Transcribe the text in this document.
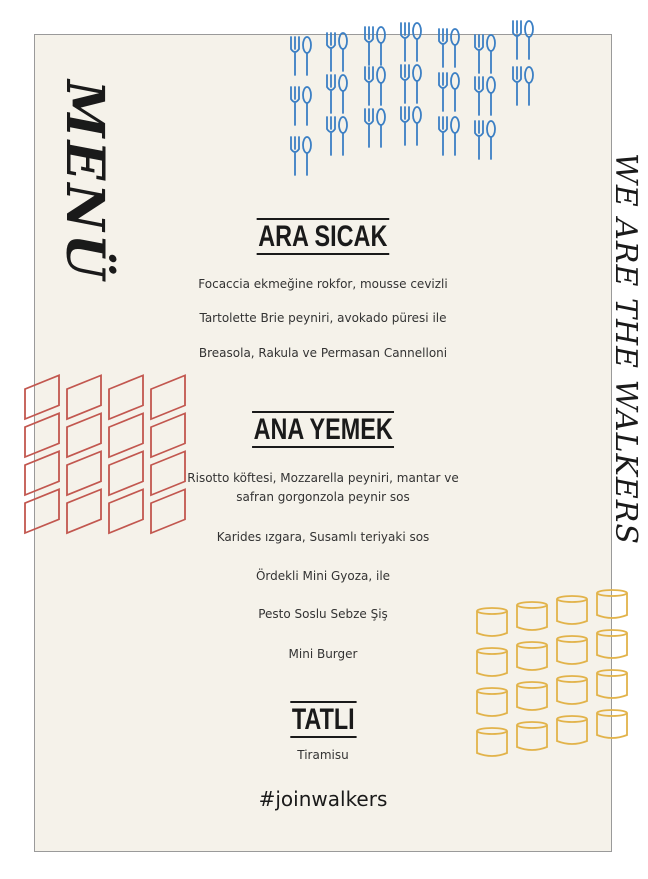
MENÜ	WE ARE THE WALKERS
ARA SICAK
Focaccia ekmeğine rokfor, mousse cevizli
Tartolette Brie peyniri, avokado püresi ile
Breasola, Rakula ve Permasan Cannelloni
ANA YEMEK
Risotto köftesi, Mozzarella peyniri, mantar ve
safran gorgonzola peynir sos
Karides ızgara, Susamlı teriyaki sos
Ördekli Mini Gyoza, ile
Pesto Soslu Sebze Şiş
Mini Burger
TATLI
Tiramisu
#joinwalkers
